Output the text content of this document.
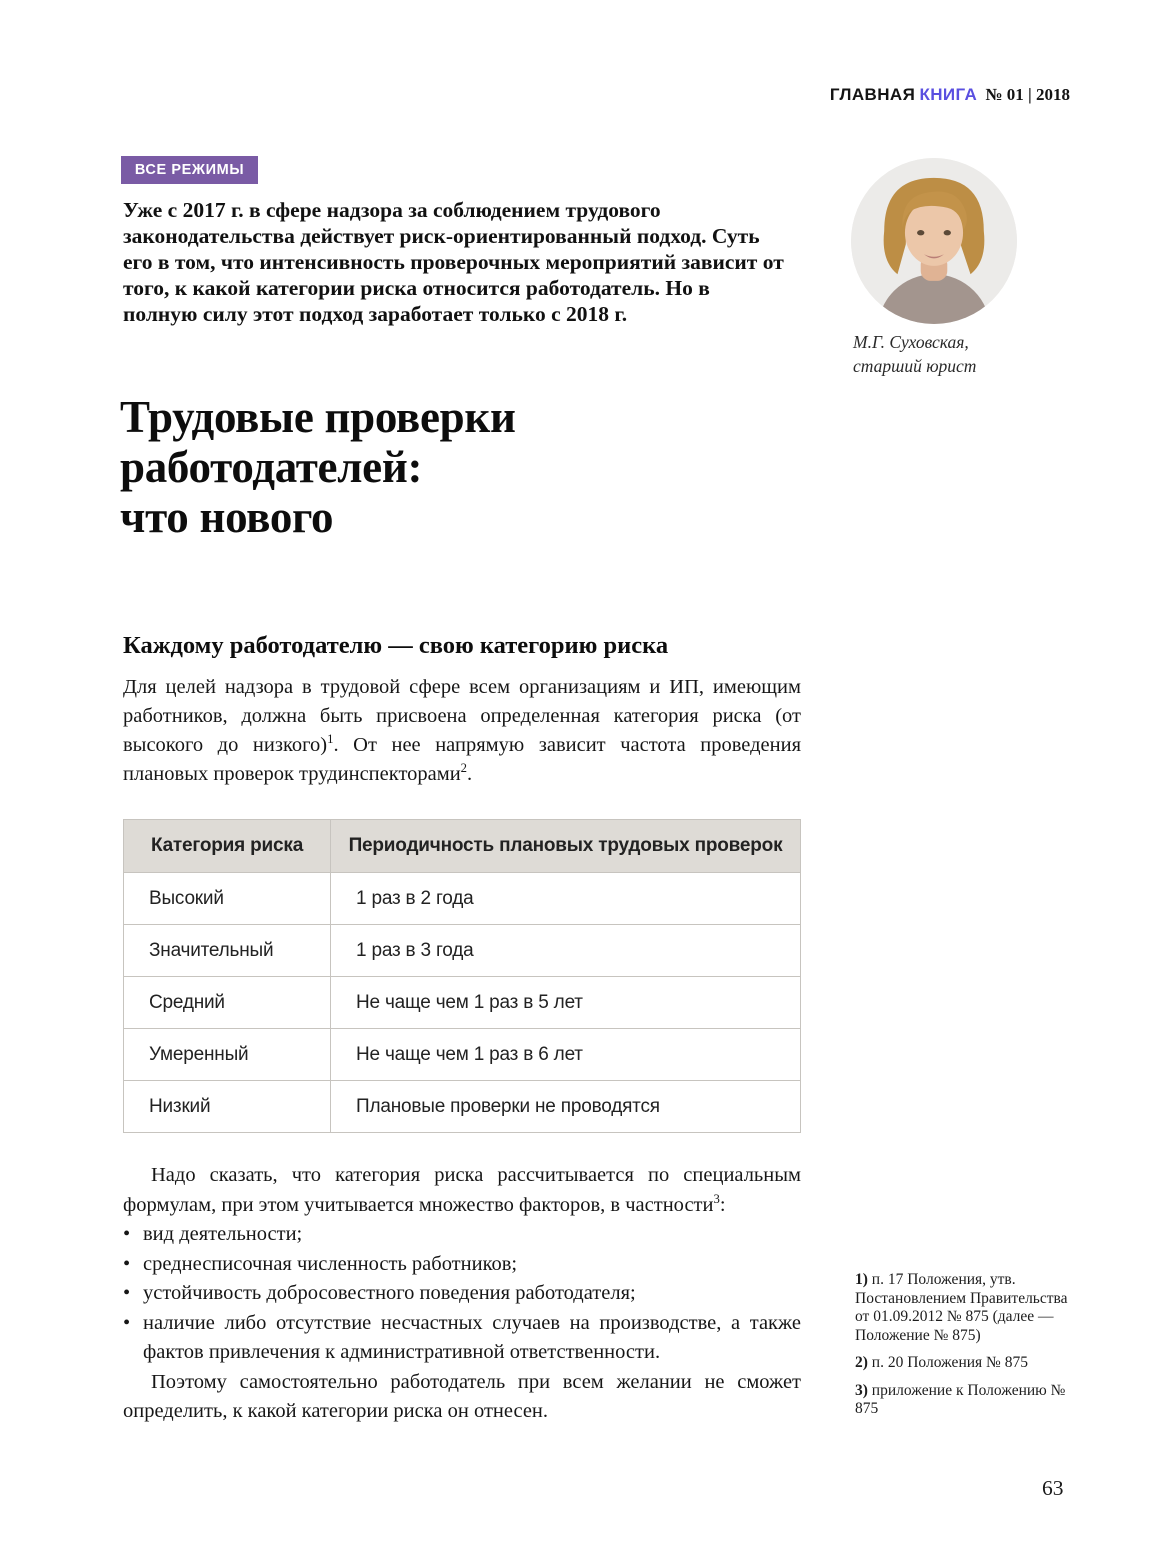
ГЛАВНАЯ КНИГА № 01 | 2018
ВСЕ РЕЖИМЫ

Уже с 2017 г. в сфере надзора за соблюдением трудового законодательства действует риск-ориентированный подход. Суть его в том, что интенсивность проверочных мероприятий зависит от того, к какой категории риска относится работодатель. Но в полную силу этот подход заработает только с 2018 г.

М.Г. Суховская,
старший юрист
Трудовые проверки
работодателей:
что нового
Каждому работодателю — свою категорию риска

Для целей надзора в трудовой сфере всем организациям и ИП, имеющим работников, должна быть присвоена определенная категория риска (от высокого до низкого)$^1$. От нее напрямую зависит частота проведения плановых проверок трудинспекторами$^2$.

Категория риска	Периодичность плановых трудовых проверок
Высокий	1 раз в 2 года
Значительный	1 раз в 3 года
Средний	Не чаще чем 1 раз в 5 лет
Умеренный	Не чаще чем 1 раз в 6 лет
Низкий	Плановые проверки не проводятся

Надо сказать, что категория риска рассчитывается по специальным формулам, при этом учитывается множество факторов, в частности$^3$:

• вид деятельности;
• среднесписочная численность работников;
• устойчивость добросовестного поведения работодателя;
• наличие либо отсутствие несчастных случаев на производстве, а также фактов привлечения к административной ответственности.

Поэтому самостоятельно работодатель при всем желании не сможет определить, к какой категории риска он отнесен.

1) п. 17 Положения, утв. Постановлением Правительства от 01.09.2012 № 875 (далее — Положение № 875)
2) п. 20 Положения № 875
3) приложение к Положению № 875
63
